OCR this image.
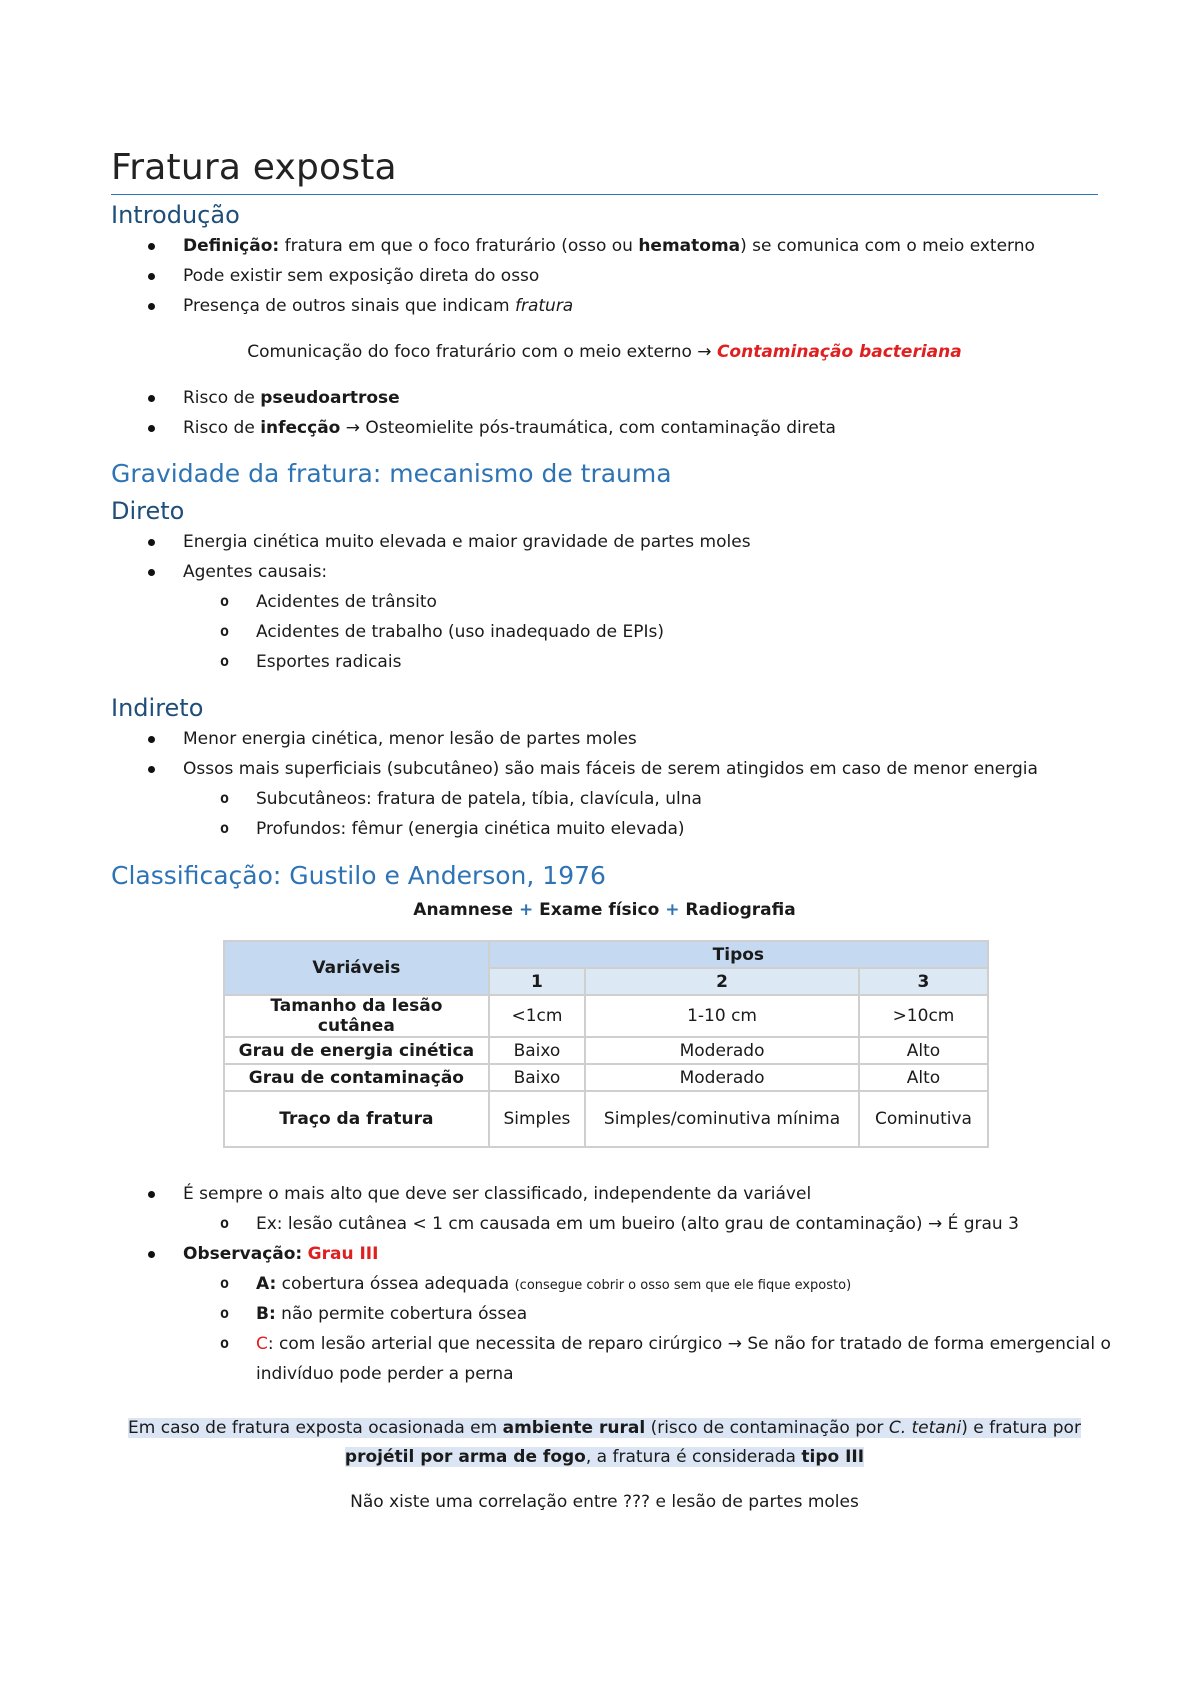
Fratura exposta
Introdução
Definição: fratura em que o foco fraturário (osso ou hematoma) se comunica com o meio externo
Pode existir sem exposição direta do osso
Presença de outros sinais que indicam fratura
Comunicação do foco fraturário com o meio externo → Contaminação bacteriana
Risco de pseudoartrose
Risco de infecção → Osteomielite pós-traumática, com contaminação direta
Gravidade da fratura: mecanismo de trauma
Direto
Energia cinética muito elevada e maior gravidade de partes moles
Agentes causais:
o Acidentes de trânsito
o Acidentes de trabalho (uso inadequado de EPIs)
o Esportes radicais
Indireto
Menor energia cinética, menor lesão de partes moles
Ossos mais superficiais (subcutâneo) são mais fáceis de serem atingidos em caso de menor energia
o Subcutâneos: fratura de patela, tíbia, clavícula, ulna
o Profundos: fêmur (energia cinética muito elevada)
Classificação: Gustilo e Anderson, 1976
Anamnese + Exame físico + Radiografia
Variáveis	Tipos		
	1	2	3
Tamanho da lesão cutânea	<1cm	1-10 cm	>10cm
Grau de energia cinética	Baixo	Moderado	Alto
Grau de contaminação	Baixo	Moderado	Alto
Traço da fratura	Simples	Simples/cominutiva mínima	Cominutiva
É sempre o mais alto que deve ser classificado, independente da variável
o Ex: lesão cutânea < 1 cm causada em um bueiro (alto grau de contaminação) → É grau 3
Observação: Grau III
o A: cobertura óssea adequada (consegue cobrir o osso sem que ele fique exposto)
o B: não permite cobertura óssea
o C: com lesão arterial que necessita de reparo cirúrgico → Se não for tratado de forma emergencial o indivíduo pode perder a perna
Em caso de fratura exposta ocasionada em ambiente rural (risco de contaminação por C. tetani) e fratura por
projétil por arma de fogo, a fratura é considerada tipo III
Não xiste uma correlação entre ??? e lesão de partes moles
